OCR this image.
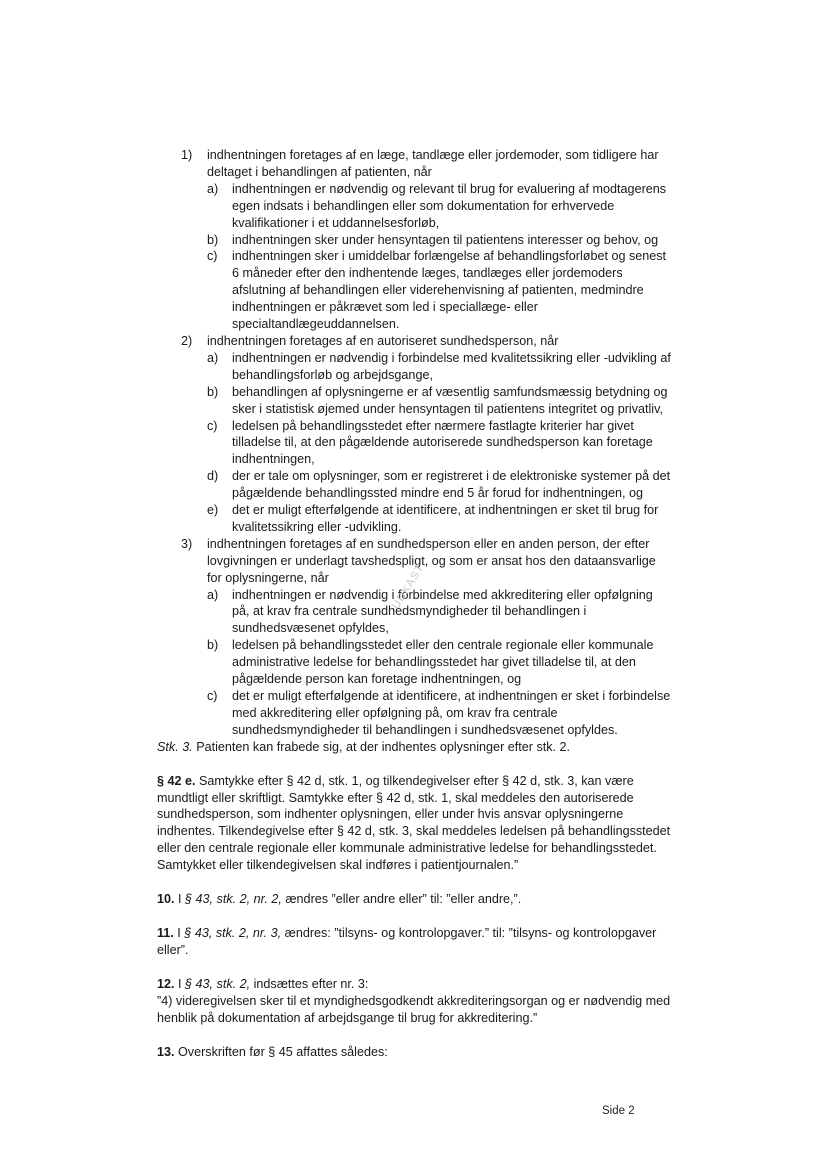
1) indhentningen foretages af en læge, tandlæge eller jordemoder, som tidligere har deltaget i behandlingen af patienten, når
a) indhentningen er nødvendig og relevant til brug for evaluering af modtagerens egen indsats i behandlingen eller som dokumentation for erhvervede kvalifikationer i et uddannelsesforløb,
b) indhentningen sker under hensyntagen til patientens interesser og behov, og
c) indhentningen sker i umiddelbar forlængelse af behandlingsforløbet og senest 6 måneder efter den indhentende læges, tandlæges eller jordemoders afslutning af behandlingen eller viderehenvisning af patienten, medmindre indhentningen er påkrævet som led i speciallæge- eller specialtandlægeuddannelsen.
2) indhentningen foretages af en autoriseret sundhedsperson, når
a) indhentningen er nødvendig i forbindelse med kvalitetssikring eller -udvikling af behandlingsforløb og arbejdsgange,
b) behandlingen af oplysningerne er af væsentlig samfundsmæssig betydning og sker i statistisk øjemed under hensyntagen til patientens integritet og privatliv,
c) ledelsen på behandlingsstedet efter nærmere fastlagte kriterier har givet tilladelse til, at den pågældende autoriserede sundhedsperson kan foretage indhentningen,
d) der er tale om oplysninger, som er registreret i de elektroniske systemer på det pågældende behandlingssted mindre end 5 år forud for indhentningen, og
e) det er muligt efterfølgende at identificere, at indhentningen er sket til brug for kvalitetssikring eller -udvikling.
3) indhentningen foretages af en sundhedsperson eller en anden person, der efter lovgivningen er underlagt tavshedspligt, og som er ansat hos den dataansvarlige for oplysningerne, når
a) indhentningen er nødvendig i forbindelse med akkreditering eller opfølgning på, at krav fra centrale sundhedsmyndigheder til behandlingen i sundhedsvæsenet opfyldes,
b) ledelsen på behandlingsstedet eller den centrale regionale eller kommunale administrative ledelse for behandlingsstedet har givet tilladelse til, at den pågældende person kan foretage indhentningen, og
c) det er muligt efterfølgende at identificere, at indhentningen er sket i forbindelse med akkreditering eller opfølgning på, om krav fra centrale sundhedsmyndigheder til behandlingen i sundhedsvæsenet opfyldes.

Stk. 3. Patienten kan frabede sig, at der indhentes oplysninger efter stk. 2.

§ 42 e. Samtykke efter § 42 d, stk. 1, og tilkendegivelser efter § 42 d, stk. 3, kan være mundtligt eller skriftligt. Samtykke efter § 42 d, stk. 1, skal meddeles den autoriserede sundhedsperson, som indhenter oplysningen, eller under hvis ansvar oplysningerne indhentes. Tilkendegivelse efter § 42 d, stk. 3, skal meddeles ledelsen på behandlingsstedet eller den centrale regionale eller kommunale administrative ledelse for behandlingsstedet. Samtykket eller tilkendegivelsen skal indføres i patientjournalen.”

10. I § 43, stk. 2, nr. 2, ændres ”eller andre eller” til: ”eller andre,”.

11. I § 43, stk. 2, nr. 3, ændres: ”tilsyns- og kontrolopgaver.” til: ”tilsyns- og kontrolopgaver eller”.

12. I § 43, stk. 2, indsættes efter nr. 3:
”4) videregivelsen sker til et myndighedsgodkendt akkrediteringsorgan og er nødvendig med henblik på dokumentation af arbejdsgange til brug for akkreditering.”

13. Overskriften før § 45 affattes således:

UDKAST
Side 2
